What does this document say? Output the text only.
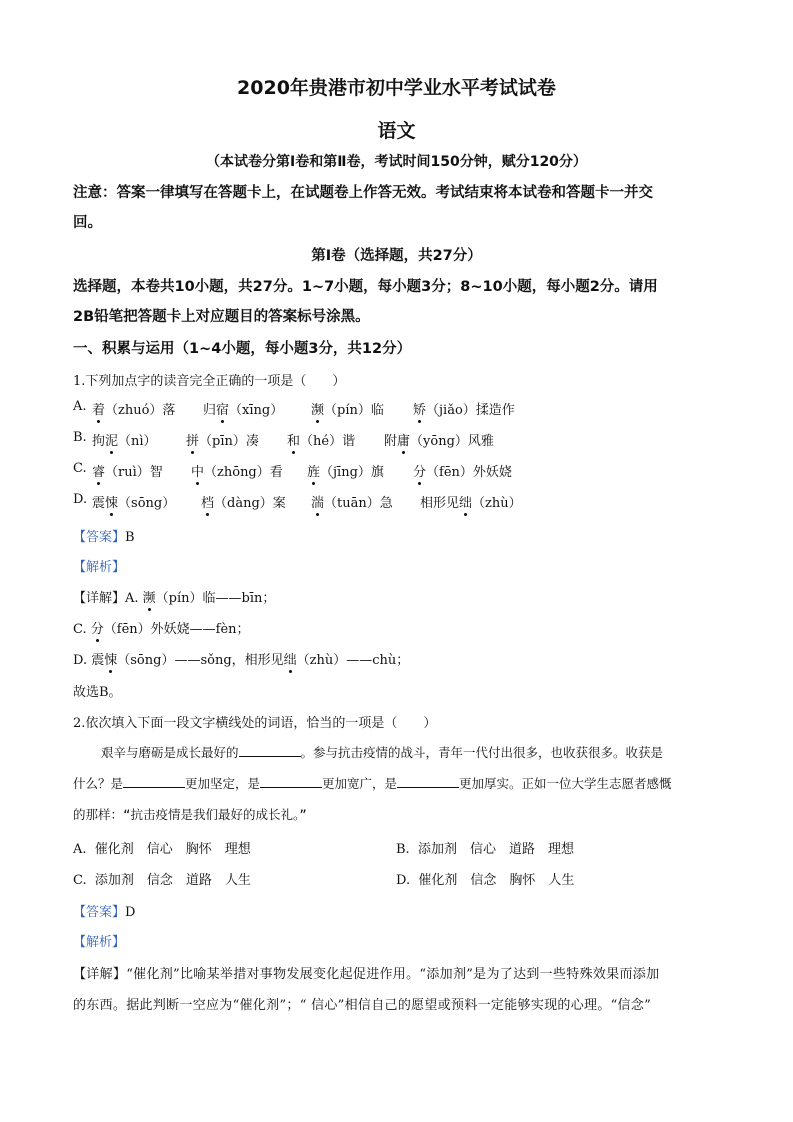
2020年贵港市初中学业水平考试试卷
语文
（本试卷分第Ⅰ卷和第Ⅱ卷，考试时间150分钟，赋分120分）
注意：答案一律填写在答题卡上，在试题卷上作答无效。考试结束将本试卷和答题卡一并交
回。
第Ⅰ卷（选择题，共27分）
选择题，本卷共10小题，共27分。1~7小题，每小题3分；8~10小题，每小题2分。请用
2B铅笔把答题卡上对应题目的答案标号涂黑。
一、积累与运用（1~4小题，每小题3分，共12分）
1.下列加点字的读音完全正确的一项是（　　）
A. 着（zhuó）落 归宿（xīng） 濒（pín）临 矫（jiǎo）揉造作
B. 拘泥（nì） 拼（pīn）凑 和（hé）谐 附庸（yōng）风雅
C. 睿（ruì）智 中（zhōng）看 旌（jīng）旗 分（fēn）外妖娆
D. 震悚（sōng） 档（dàng）案 湍（tuān）急 相形见绌（zhù）
【答案】B
【解析】
【详解】A. 濒（pín）临——bīn；
C. 分（fēn）外妖娆——fèn；
D. 震悚（sōng）——sǒng，相形见绌（zhù）——chù；
故选B。
2.依次填入下面一段文字横线处的词语，恰当的一项是（　　）
艰辛与磨砺是成长最好的	。参与抗击疫情的战斗，青年一代付出很多，也收获很多。收获是
什么？是	更加坚定，是	更加宽广，是	更加厚实。正如一位大学生志愿者感慨
的那样：“抗击疫情是我们最好的成长礼。”
A. 催化剂　信心　胸怀　理想	B. 添加剂　信心　道路　理想
C. 添加剂　信念　道路　人生	D. 催化剂　信念　胸怀　人生
【答案】D
【解析】
【详解】“催化剂”比喻某举措对事物发展变化起促进作用。“添加剂”是为了达到一些特殊效果而添加
的东西。据此判断一空应为“催化剂”；“ 信心”相信自己的愿望或预料一定能够实现的心理。“信念”
